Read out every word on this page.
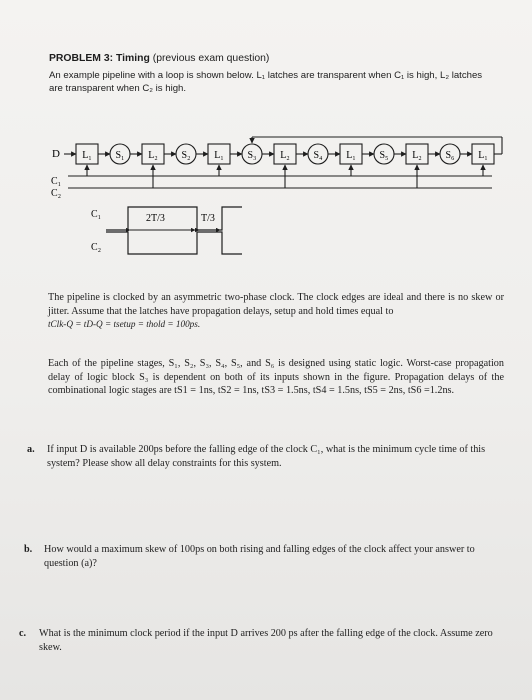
PROBLEM 3: Timing (previous exam question)
An example pipeline with a loop is shown below. L₁ latches are transparent when C₁ is high, L₂ latches are transparent when C₂ is high.
D
C₁
C₂
C₁
C₂
2T/3	T/3
L₁ S₁ L₂ S₂ L₁ S₃ L₂ S₄ L₁ S₅ L₂ S₆ L₁
The pipeline is clocked by an asymmetric two-phase clock. The clock edges are ideal and there is no skew or jitter. Assume that the latches have propagation delays, setup and hold times equal to
tClk-Q = tD-Q = tsetup = thold = 100ps.
Each of the pipeline stages, S₁, S₂, S₃, S₄, S₅, and S₆ is designed using static logic. Worst-case propagation delay of logic block S₃ is dependent on both of its inputs shown in the figure. Propagation delays of the combinational logic stages are tS1 = 1ns, tS2 = 1ns, tS3 = 1.5ns, tS4 = 1.5ns, tS5 = 2ns, tS6 =1.2ns.
a.	If input D is available 200ps before the falling edge of the clock C₁, what is the minimum cycle time of this system? Please show all delay constraints for this system.
b.	How would a maximum skew of 100ps on both rising and falling edges of the clock affect your answer to question (a)?
c.	What is the minimum clock period if the input D arrives 200 ps after the falling edge of the clock. Assume zero skew.
